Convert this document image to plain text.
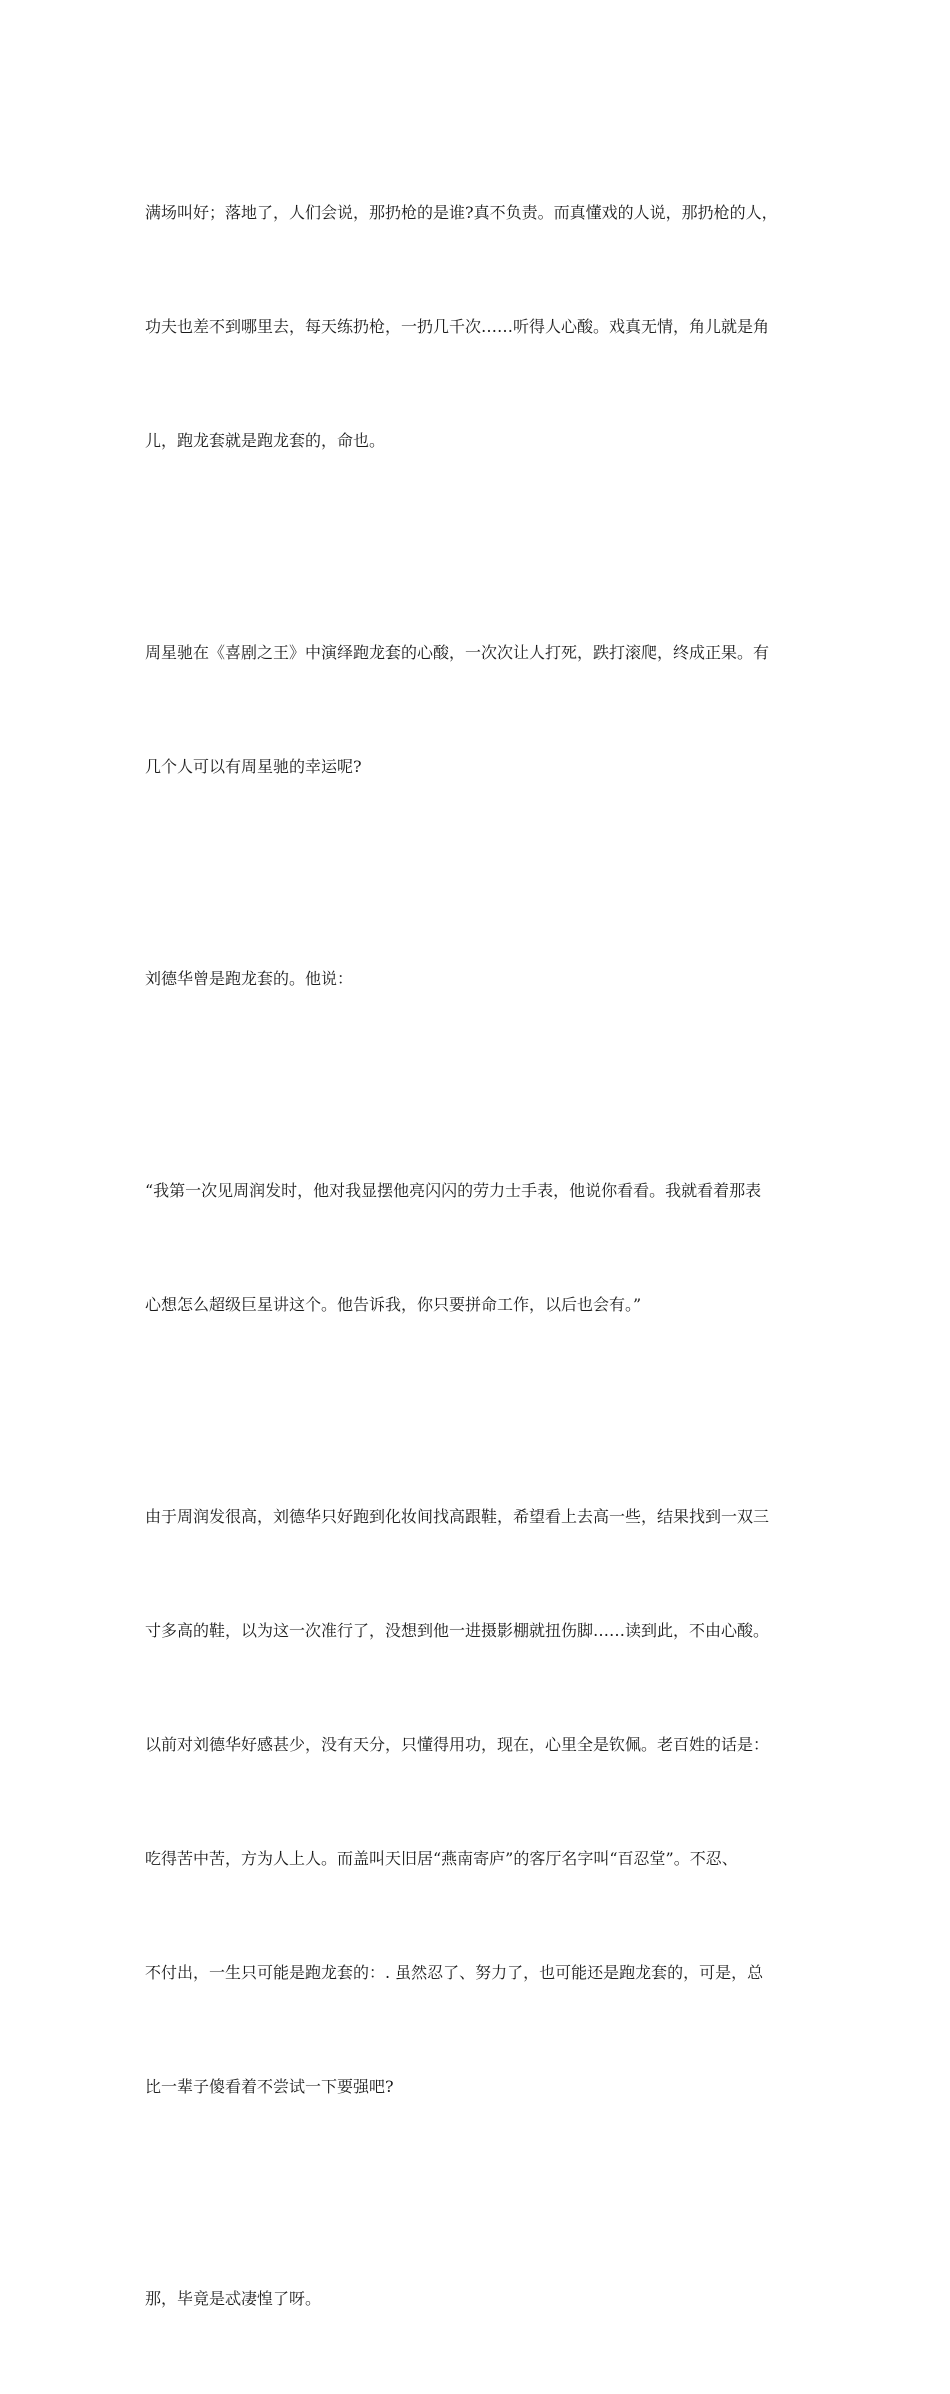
满场叫好；落地了，人们会说，那扔枪的是谁?真不负责。而真懂戏的人说，那扔枪的人，

功夫也差不到哪里去，每天练扔枪，一扔几千次……听得人心酸。戏真无情，角儿就是角

儿，跑龙套就是跑龙套的，命也。

周星驰在《喜剧之王》中演绎跑龙套的心酸，一次次让人打死，跌打滚爬，终成正果。有

几个人可以有周星驰的幸运呢?

刘德华曾是跑龙套的。他说：

“我第一次见周润发时，他对我显摆他亮闪闪的劳力士手表，他说你看看。我就看着那表

心想怎么超级巨星讲这个。他告诉我，你只要拼命工作，以后也会有。”

由于周润发很高，刘德华只好跑到化妆间找高跟鞋，希望看上去高一些，结果找到一双三

寸多高的鞋，以为这一次准行了，没想到他一进摄影棚就扭伤脚……读到此，不由心酸。

以前对刘德华好感甚少，没有天分，只懂得用功，现在，心里全是钦佩。老百姓的话是：

吃得苦中苦，方为人上人。而盖叫天旧居“燕南寄庐”的客厅名字叫“百忍堂”。不忍、

不付出，一生只可能是跑龙套的：. 虽然忍了、努力了，也可能还是跑龙套的，可是，总

比一辈子傻看着不尝试一下要强吧?

那，毕竟是忒凄惶了呀。
